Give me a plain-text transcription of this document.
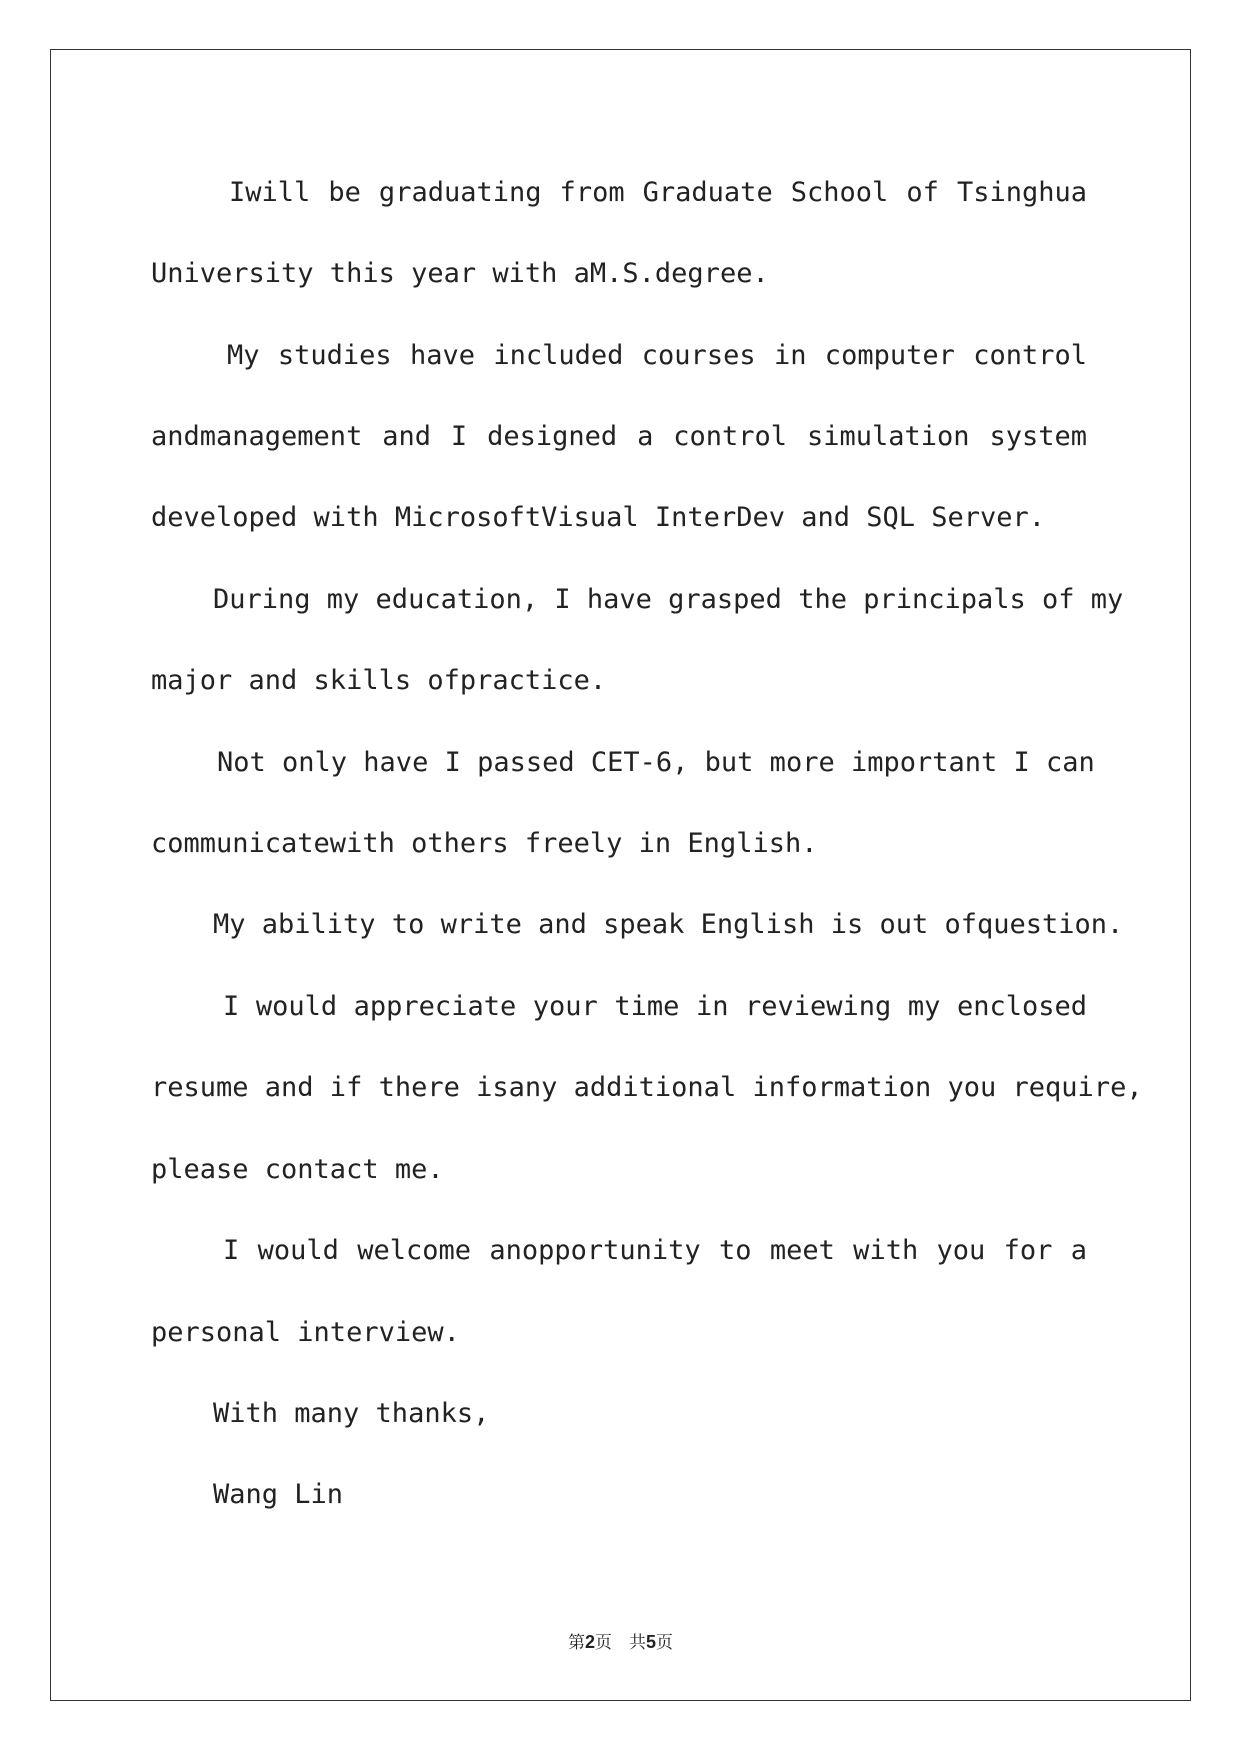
Iwill be graduating from Graduate School of Tsinghua
University this year with aM.S.degree.
My studies have included courses in computer control
andmanagement and I designed a control simulation system
developed with MicrosoftVisual InterDev and SQL Server.
During my education, I have grasped the principals of my
major and skills ofpractice.
Not only have I passed CET-6, but more important I can
communicatewith others freely in English.
My ability to write and speak English is out ofquestion.
I would appreciate your time in reviewing my enclosed
resume and if there isany additional information you require,
please contact me.
I would welcome anopportunity to meet with you for a
personal interview.
With many thanks,
Wang Lin
第2页　共5页
